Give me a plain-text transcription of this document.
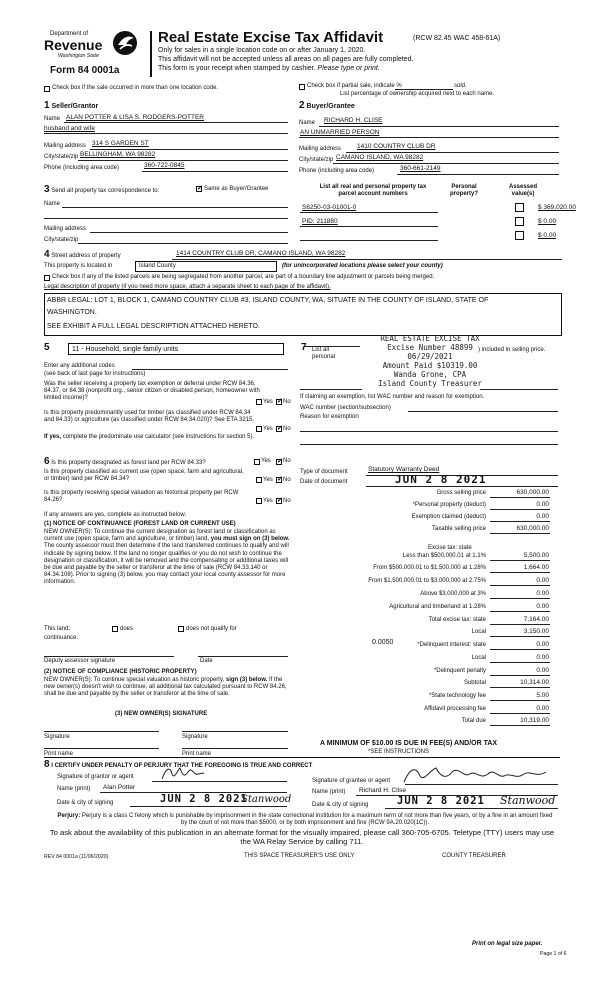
Department of
Revenue
Washington State
Form 84 0001a
Real Estate Excise Tax Affidavit	(RCW 82.45 WAC 458-61A)
Only for sales in a single location code on or after January 1, 2020.
This affidavit will not be accepted unless all areas on all pages are fully completed.
This form is your receipt when stamped by cashier. Please type or print.
Check box if the sale occurred in more than one location code.	Check box if partial sale, indicate %	sold.
List percentage of ownership acquired next to each name.
1 Seller/Grantor
Name ALAN POTTER & LISA S. RODGERS-POTTER
husband and wife
Mailing address 314 S GARDEN ST
City/state/zip BELLINGHAM, WA 98282
Phone (including area code)	360-722-0845
2 Buyer/Grantee
Name RICHARD H. CLISE
AN UNMARRIED PERSON
Mailing address 1410 COUNTRY CLUB DR
City/state/zip CAMANO ISLAND, WA 98282
Phone (including area code)	360-661-2149
3 Send all property tax correspondence to: ✓	Same as Buyer/Grantee
Name
Mailing address
City/state/zip
List all real and personal property tax
parcel account numbers
Personal
property?
Assessed
value(s)
S6250-03-01001-0	$ 369,020.00
PID: 211880	$ 0.00
$ 0.00
4 Street address of property	1414 COUNTRY CLUB DR, CAMANO ISLAND, WA 98282
This property is located in	Island County	(for unincorporated locations please select your county)
Check box if any of the listed parcels are being segregated from another parcel, are part of a boundary line adjustment or parcels being merged.
Legal description of property (if you need more space, attach a separate sheet to each page of the affidavit).
ABBR LEGAL: LOT 1, BLOCK 1, CAMANO COUNTRY CLUB #3, ISLAND COUNTY, WA, SITUATE IN THE COUNTY OF ISLAND, STATE OF
WASHINGTON.
SEE EXHIBIT A FULL LEGAL DESCRIPTION ATTACHED HERETO.
5	11 - Household, single family units
Enter any additional codes
(see back of last page for instructions)
Was the seller receiving a property tax exemption or deferral under RCW 84.36, 84.37, or 84.38 (nonprofit org., senior citizen or disabled person, homeowner with limited income)?
Yes ✓ No
Is this property predominantly used for timber (as classified under RCW 84.34 and 84.33) or agriculture (as classified under RCW 84.34.020)? See ETA 3215.
Yes ✓ No
If yes, complete the predominate use calculator (see instructions for section 5).
6 Is this property designated as forest land per RCW 84.33?	Yes ✓ No
Is this property classified as current use (open space, farm and agricultural, or timber) land per RCW 84.34?	Yes ✓ No
Is this property receiving special valuation as historical property per RCW 84.26?	Yes ✓ No
If any answers are yes, complete as instructed below.
(1) NOTICE OF CONTINUANCE (FOREST LAND OR CURRENT USE)
NEW OWNER(S): To continue the current designation as forest land or classification as current use (open space, farm and agriculture, or timber) land, you must sign on (3) below. The county assessor must then determine if the land transferred continues to qualify and will indicate by signing below. If the land no longer qualifies or you do not wish to continue the designation or classification, it will be removed and the compensating or additional taxes will be due and payable by the seller or transferor at the time of sale (RCW 84.33.140 or 84.34.108). Prior to signing (3) below, you may contact your local county assessor for more information.
This land:	does	does not qualify for
continuance.
Deputy assessor signature	Date
(2) NOTICE OF COMPLIANCE (HISTORIC PROPERTY)
NEW OWNER(S): To continue special valuation as historic property, sign (3) below. If the new owner(s) doesn't wish to continue, all additional tax calculated pursuant to RCW 84.26, shall be due and payable by the seller or transferor at the time of sale.
(3) NEW OWNER(S) SIGNATURE
Signature	Signature
Print name	Print name
7 List all personal
) included in selling price.
REAL ESTATE EXCISE TAX
Excise Number 48899
06/29/2021
Amount Paid $10319.00
Wanda Grone, CPA
Island County Treasurer
If claiming an exemption, list WAC number and reason for exemption.
WAC number (section/subsection)
Reason for exemption
Type of document	Statutory Warranty Deed
Date of document	JUN 2 8 2021
Gross selling price	630,000.00
*Personal property (deduct)	0.00
Exemption claimed (deduct)	0.00
Taxable selling price	630,000.00
Less than $500,000.01 at 1.1%	5,500.00
From $500,000.01 to $1,500,000 at 1.28%	1,664.00
From $1,500,000.01 to $3,000,000 at 2.75%	0.00
Above $3,000,000 at 3%	0.00
Agricultural and timberland at 1.28%	0.00
Total excise tax: state	7,164.00
Local	3,150.00
*Delinquent interest: state	0.00
Local	0.00
*Delinquent penalty	0.00
Subtotal	10,314.00
*State technology fee	5.00
Affidavit processing fee	0.00
Total due	10,319.00
Excise tax: state
0.0050
A MINIMUM OF $10.00 IS DUE IN FEE(S) AND/OR TAX
*SEE INSTRUCTIONS
8 I CERTIFY UNDER PENALTY OF PERJURY THAT THE FOREGOING IS TRUE AND CORRECT
Signature of grantor or agent
Name (print) Alan Potter
Date & city of signing	JUN 2 8 2021
Stanwood
Signature of grantee or agent
Name (print) Richard H. Clise
Date & city of signing	JUN 2 8 2021 Stanwood
Perjury: Perjury is a class C felony which is punishable by imprisonment in the state correctional institution for a maximum term of not more than five years, or by a fine in an amount fixed by the court of not more than $5000, or by both imprisonment and fine (RCW 9A.20.020(1C)).
To ask about the availability of this publication in an alternate format for the visually impaired, please call 360-705-6705. Teletype (TTY) users may use the WA Relay Service by calling 711.
REV 84 0001a (11/06/2020)	THIS SPACE TREASURER'S USE ONLY	COUNTY TREASURER
Print on legal size paper.
Page 1 of 6
